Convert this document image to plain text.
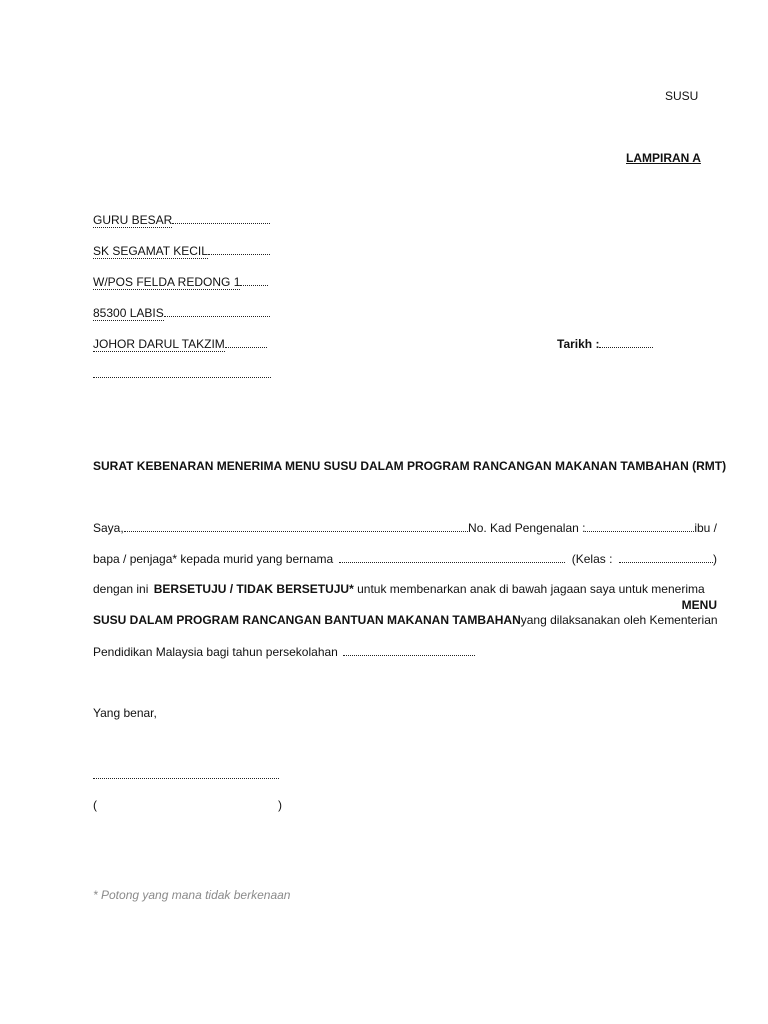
SUSU
LAMPIRAN A
GURU BESAR
SK SEGAMAT KECIL
W/POS FELDA REDONG 1
85300 LABIS
JOHOR DARUL TAKZIM	Tarikh :
SURAT KEBENARAN MENERIMA MENU SUSU DALAM PROGRAM RANCANGAN MAKANAN TAMBAHAN (RMT)
Saya,	No. Kad Pengenalan :	ibu /
bapa / penjaga* kepada murid yang bernama	(Kelas :	)
dengan ini BERSETUJU / TIDAK BERSETUJU* untuk membenarkan anak di bawah jagaan saya untuk menerima
MENU
SUSU DALAM PROGRAM RANCANGAN BANTUAN MAKANAN TAMBAHAN yang dilaksanakan oleh Kementerian
Pendidikan Malaysia bagi tahun persekolahan
Yang benar,
(	)
* Potong yang mana tidak berkenaan
